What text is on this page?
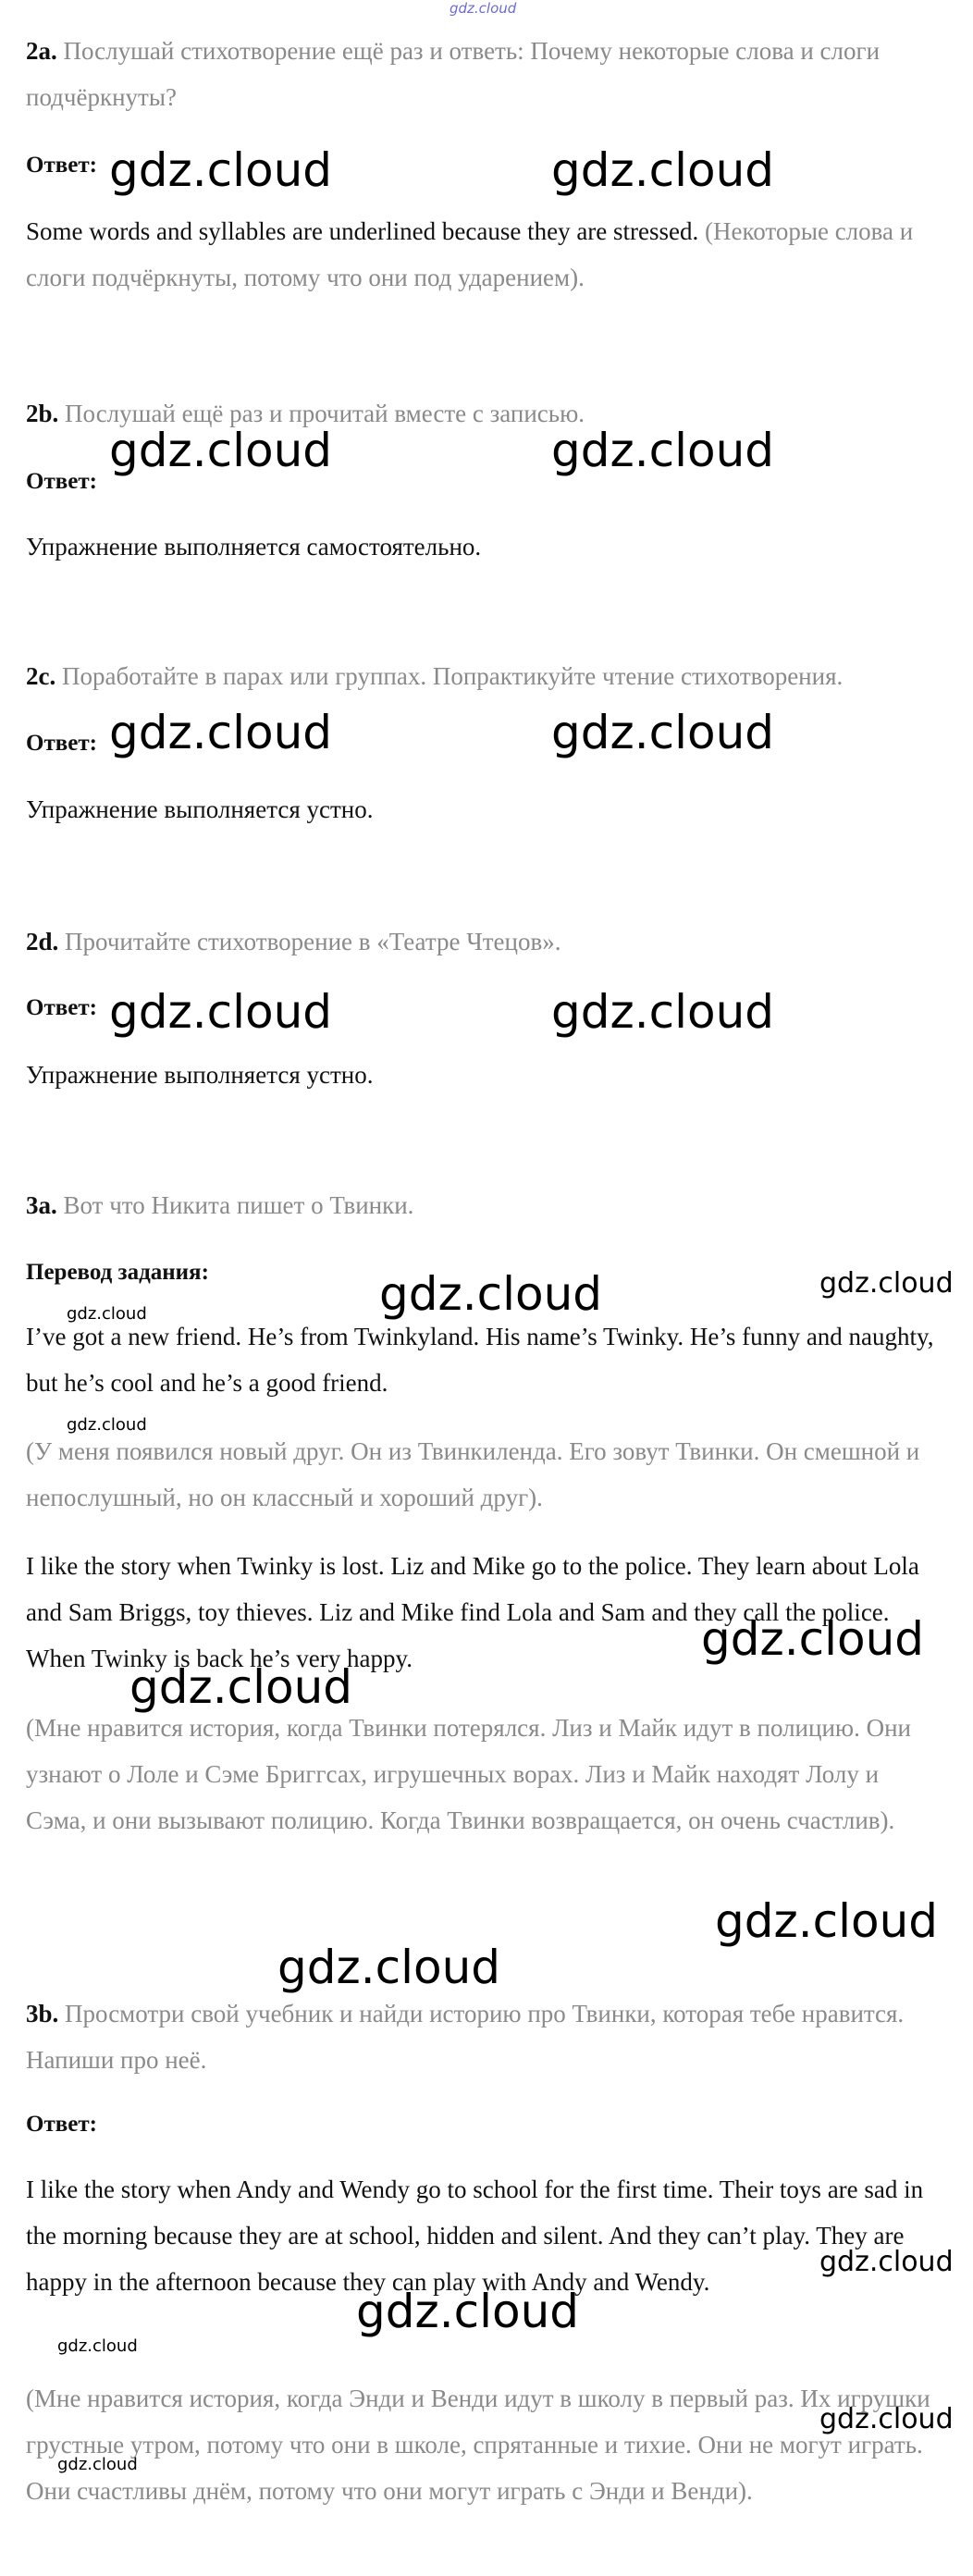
gdz.cloud

2a. Послушай стихотворение ещё раз и ответь: Почему некоторые слова и слоги подчёркнуты?

Ответ:

Some words and syllables are underlined because they are stressed. (Некоторые слова и слоги подчёркнуты, потому что они под ударением).

2b. Послушай ещё раз и прочитай вместе с записью.

Ответ:

Упражнение выполняется самостоятельно.

2c. Поработайте в парах или группах. Попрактикуйте чтение стихотворения.

Ответ:

Упражнение выполняется устно.

2d. Прочитайте стихотворение в «Театре Чтецов».

Ответ:

Упражнение выполняется устно.

3a. Вот что Никита пишет о Твинки.

Перевод задания:

I’ve got a new friend. He’s from Twinkyland. His name’s Twinky. He’s funny and naughty, but he’s cool and he’s a good friend.

(У меня появился новый друг. Он из Твинкиленда. Его зовут Твинки. Он смешной и непослушный, но он классный и хороший друг).

I like the story when Twinky is lost. Liz and Mike go to the police. They learn about Lola and Sam Briggs, toy thieves. Liz and Mike find Lola and Sam and they call the police. When Twinky is back he’s very happy.

(Мне нравится история, когда Твинки потерялся. Лиз и Майк идут в полицию. Они узнают о Лоле и Сэме Бриггсах, игрушечных ворах. Лиз и Майк находят Лолу и Сэма, и они вызывают полицию. Когда Твинки возвращается, он очень счастлив).

3b. Просмотри свой учебник и найди историю про Твинки, которая тебе нравится. Напиши про неё.

Ответ:

I like the story when Andy and Wendy go to school for the first time. Their toys are sad in the morning because they are at school, hidden and silent. And they can’t play. They are happy in the afternoon because they can play with Andy and Wendy.

(Мне нравится история, когда Энди и Венди идут в школу в первый раз. Их игрушки грустные утром, потому что они в школе, спрятанные и тихие. Они не могут играть. Они счастливы днём, потому что они могут играть с Энди и Венди).

gdz.cloud	gdz.cloud
gdz.cloud	gdz.cloud
gdz.cloud	gdz.cloud
gdz.cloud	gdz.cloud
gdz.cloud	gdz.cloud
gdz.cloud
gdz.cloud
gdz.cloud
gdz.cloud
gdz.cloud
gdz.cloud
gdz.cloud
gdz.cloud
gdz.cloud
gdz.cloud
gdz.cloud
